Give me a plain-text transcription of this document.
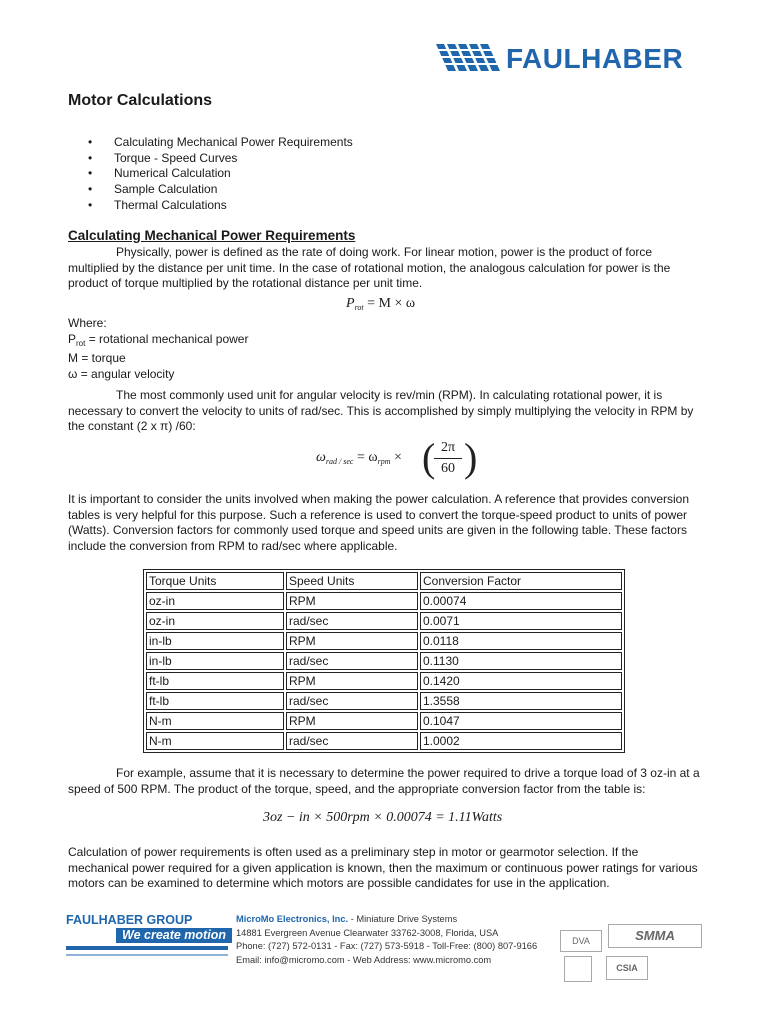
FAULHABER
Motor Calculations
• Calculating Mechanical Power Requirements
• Torque - Speed Curves
• Numerical Calculation
• Sample Calculation
• Thermal Calculations
Calculating Mechanical Power Requirements

Physically, power is defined as the rate of doing work. For linear motion, power is the product of force multiplied by the distance per unit time. In the case of rotational motion, the analogous calculation for power is the product of torque multiplied by the rotational distance per unit time.

$P_{rot} = M \times \omega$
Where:
$P_{rot}$ = rotational mechanical power
M = torque
ω = angular velocity

The most commonly used unit for angular velocity is rev/min (RPM). In calculating rotational power, it is necessary to convert the velocity to units of rad/sec. This is accomplished by simply multiplying the velocity in RPM by the constant (2 x π) /60:

$\omega_{rad / sec} = \omega_{rpm}$ × (
$\frac{2\pi}{60}$ )

It is important to consider the units involved when making the power calculation. A reference that provides conversion tables is very helpful for this purpose. Such a reference is used to convert the torque-speed product to units of power (Watts). Conversion factors for commonly used torque and speed units are given in the following table. These factors include the conversion from RPM to rad/sec where applicable.

Torque Units	Speed Units	Conversion Factor
oz-in	RPM	0.00074
oz-in	rad/sec	0.0071
in-lb	RPM	0.0118
in-lb	rad/sec	0.1130
ft-lb	RPM	0.1420
ft-lb	rad/sec	1.3558
N-m	RPM	0.1047
N-m	rad/sec	1.0002

For example, assume that it is necessary to determine the power required to drive a torque load of 3 oz-in at a speed of 500 RPM. The product of the torque, speed, and the appropriate conversion factor from the table is:

3oz − in × 500rpm × 0.00074 = 1.11Watts

Calculation of power requirements is often used as a preliminary step in motor or gearmotor selection. If the mechanical power required for a given application is known, then the maximum or continuous power ratings for various motors can be examined to determine which motors are possible candidates for use in the application.

FAULHABER GROUP
We create motion
MicroMo Electronics, Inc. - Miniature Drive Systems
14881 Evergreen Avenue Clearwater 33762-3008, Florida, USA
Phone: (727) 572-0131 - Fax: (727) 573-5918 - Toll-Free: (800) 807-9166
Email: info@micromo.com - Web Address: www.micromo.com
DVA	SMMA
CSIA
